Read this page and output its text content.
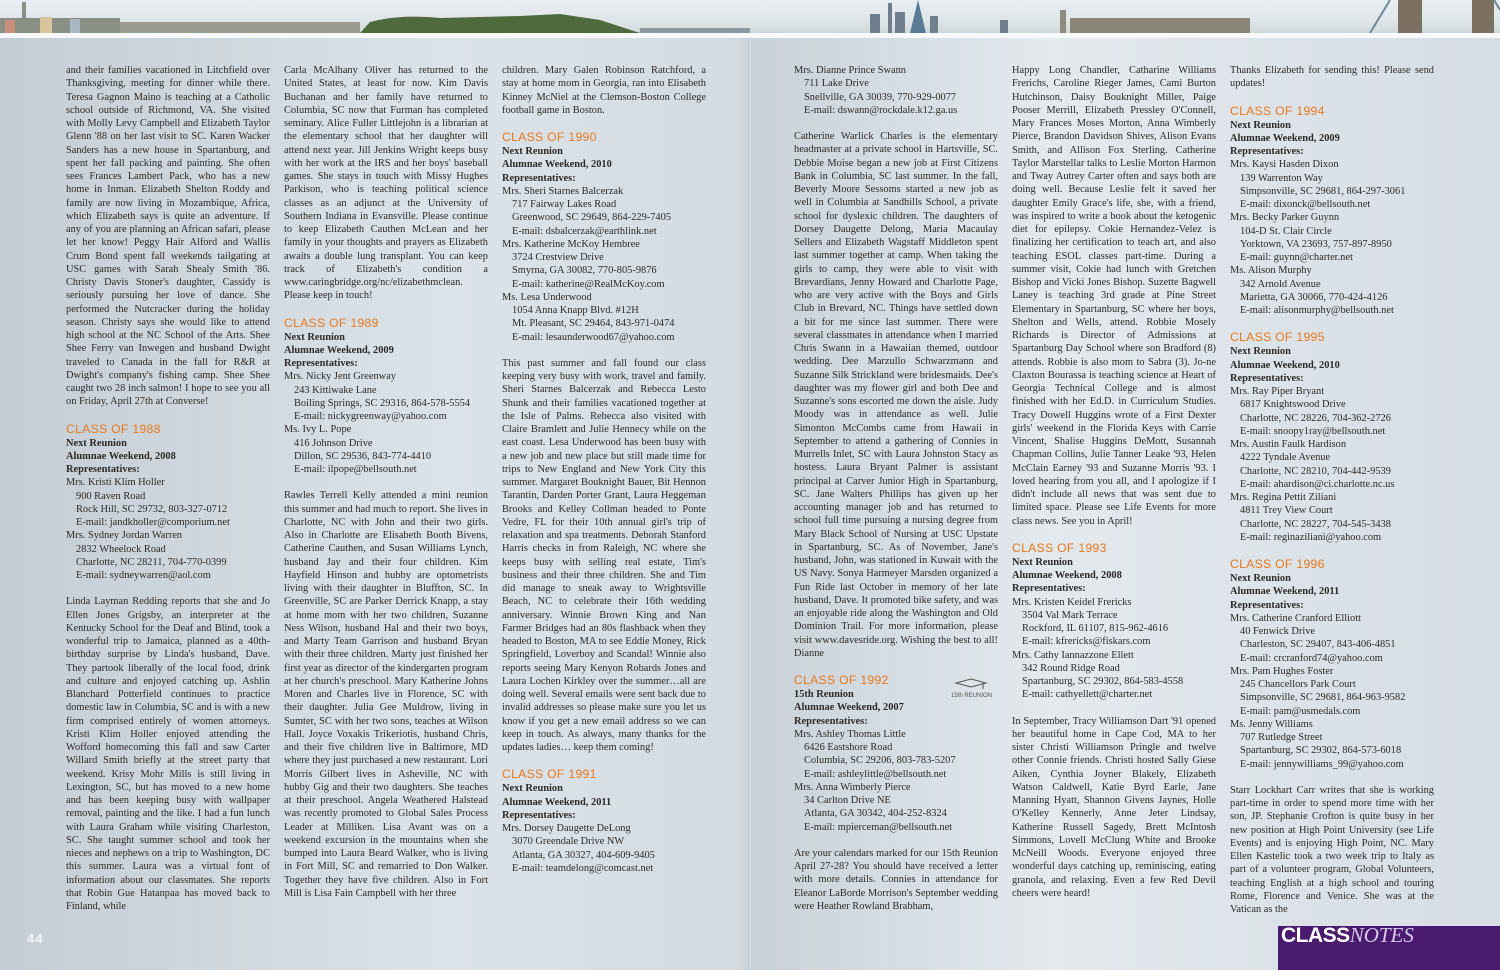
and their families vacationed in Litchfield over Thanksgiving, meeting for dinner while there. Teresa Gagnon Maino is teaching at a Catholic school outside of Richmond, VA. She visited with Molly Levy Campbell and Elizabeth Taylor Glenn '88 on her last visit to SC. Karen Wacker Sanders has a new house in Spartanburg, and spent her fall packing and painting. She often sees Frances Lambert Pack, who has a new home in Inman. Elizabeth Shelton Roddy and family are now living in Mozambique, Africa, which Elizabeth says is quite an adventure. If any of you are planning an African safari, please let her know! Peggy Hair Alford and Wallis Crum Bond spent fall weekends tailgating at USC games with Sarah Shealy Smith '86. Christy Davis Stoner's daughter, Cassidy is seriously pursuing her love of dance. She performed the Nutcracker during the holiday season. Christy says she would like to attend high school at the NC School of the Arts. Shee Shee Ferry van Inwegen and husband Dwight traveled to Canada in the fall for R&R at Dwight's company's fishing camp. Shee Shee caught two 28 inch salmon! I hope to see you all on Friday, April 27th at Converse!

CLASS OF 1988
Next Reunion
Alumnae Weekend, 2008
Representatives:
Mrs. Kristi Klim Holler
900 Raven Road
Rock Hill, SC 29732, 803-327-0712
E-mail: jandkholler@comporium.net
Mrs. Sydney Jordan Warren
2832 Wheelock Road
Charlotte, NC 28211, 704-770-0399
E-mail: sydneywarren@aol.com

Linda Layman Redding reports that she and Jo Ellen Jones Grigsby, an interpreter at the Kentucky School for the Deaf and Blind, took a wonderful trip to Jamaica, planned as a 40th-birthday surprise by Linda's husband, Dave. They partook liberally of the local food, drink and culture and enjoyed catching up. Ashlin Blanchard Potterfield continues to practice domestic law in Columbia, SC and is with a new firm comprised entirely of women attorneys. Kristi Klim Holler enjoyed attending the Wofford homecoming this fall and saw Carter Willard Smith briefly at the street party that weekend. Krisy Mohr Mills is still living in Lexington, SC, but has moved to a new home and has been keeping busy with wallpaper removal, painting and the like. I had a fun lunch with Laura Graham while visiting Charleston, SC. She taught summer school and took her nieces and nephews on a trip to Washington, DC this summer. Laura was a virtual font of information about our classmates. She reports that Robin Gue Hatanpaa has moved back to Finland, while

Carla McAlhany Oliver has returned to the United States, at least for now. Kim Davis Buchanan and her family have returned to Columbia, SC now that Furman has completed seminary. Alice Fuller Littlejohn is a librarian at the elementary school that her daughter will attend next year. Jill Jenkins Wright keeps busy with her work at the IRS and her boys' baseball games. She stays in touch with Missy Hughes Parkison, who is teaching political science classes as an adjunct at the University of Southern Indiana in Evansville. Please continue to keep Elizabeth Cauthen McLean and her family in your thoughts and prayers as Elizabeth awaits a double lung transplant. You can keep track of Elizabeth's condition a www.caringbridge.org/nc/elizabethmclean. Please keep in touch!

CLASS OF 1989
Next Reunion
Alumnae Weekend, 2009
Representatives:
Mrs. Nicky Jent Greenway
243 Kittiwake Lane
Boiling Springs, SC 29316, 864-578-5554
E-mail: nickygreenway@yahoo.com
Ms. Ivy L. Pope
416 Johnson Drive
Dillon, SC 29536, 843-774-4410
E-mail: ilpope@bellsouth.net

Rawles Terrell Kelly attended a mini reunion this summer and had much to report. She lives in Charlotte, NC with John and their two girls. Also in Charlotte are Elisabeth Booth Bivens, Catherine Cauthen, and Susan Williams Lynch, husband Jay and their four children. Kim Hayfield Hinson and hubby are optometrists living with their daughter in Bluffton, SC. In Greenville, SC are Parker Derrick Knapp, a stay at home mom with her two children, Suzanne Ness Wilson, husband Hal and their two boys, and Marty Team Garrison and husband Bryan with their three children. Marty just finished her first year as director of the kindergarten program at her church's preschool. Mary Katherine Johns Moren and Charles live in Florence, SC with their daughter. Julia Gee Muldrow, living in Sumter, SC with her two sons, teaches at Wilson Hall. Joyce Voxakis Trikeriotis, husband Chris, and their five children live in Baltimore, MD where they just purchased a new restaurant. Lori Morris Gilbert lives in Asheville, NC with hubby Gig and their two daughters. She teaches at their preschool. Angela Weathered Halstead was recently promoted to Global Sales Process Leader at Milliken. Lisa Avant was on a weekend excursion in the mountains when she bumped into Laura Beard Walker, who is living in Fort Mill, SC and remarried to Don Walker. Together they have five children. Also in Fort Mill is Lisa Fain Campbell with her three

children. Mary Galen Robinson Ratchford, a stay at home mom in Georgia, ran into Elisabeth Kinney McNiel at the Clemson-Boston College football game in Boston.

CLASS OF 1990
Next Reunion
Alumnae Weekend, 2010
Representatives:
Mrs. Sheri Starnes Balcerzak
717 Fairway Lakes Road
Greenwood, SC 29649, 864-229-7405
E-mail: dsbalcerzak@earthlink.net
Mrs. Katherine McKoy Hembree
3724 Crestview Drive
Smyrna, GA 30082, 770-805-9876
E-mail: katherine@RealMcKoy.com
Ms. Lesa Underwood
1054 Anna Knapp Blvd. #12H
Mt. Pleasant, SC 29464, 843-971-0474
E-mail: lesaunderwood67@yahoo.com

This past summer and fall found our class keeping very busy with work, travel and family. Sheri Starnes Balcerzak and Rebecca Lesto Shunk and their families vacationed together at the Isle of Palms. Rebecca also visited with Claire Bramlett and Julie Hennecy while on the east coast. Lesa Underwood has been busy with a new job and new place but still made time for trips to New England and New York City this summer. Margaret Bouknight Bauer, Bit Hennon Tarantin, Darden Porter Grant, Laura Heggeman Brooks and Kelley Collman headed to Ponte Vedre, FL for their 10th annual girl's trip of relaxation and spa treatments. Deborah Stanford Harris checks in from Raleigh, NC where she keeps busy with selling real estate, Tim's business and their three children. She and Tim did manage to sneak away to Wrightsville Beach, NC to celebrate their 16th wedding anniversary. Winnie Brown King and Nan Farmer Bridges had an 80s flashback when they headed to Boston, MA to see Eddie Money, Rick Springfield, Loverboy and Scandal! Winnie also reports seeing Mary Kenyon Robards Jones and Laura Lochen Kirkley over the summer…all are doing well. Several emails were sent back due to invalid addresses so please make sure you let us know if you get a new email address so we can keep in touch. As always, many thanks for the updates ladies… keep them coming!

CLASS OF 1991
Next Reunion
Alumnae Weekend, 2011
Representatives:
Mrs. Dorsey Daugette DeLong
3070 Greendale Drive NW
Atlanta, GA 30327, 404-609-9405
E-mail: teamdelong@comcast.net
Mrs. Dianne Prince Swann
711 Lake Drive
Snellville, GA 30039, 770-929-0077
E-mail: dswann@rockdale.k12.ga.us

Catherine Warlick Charles is the elementary headmaster at a private school in Hartsville, SC. Debbie Moise began a new job at First Citizens Bank in Columbia, SC last summer. In the fall, Beverly Moore Sessoms started a new job as well in Columbia at Sandhills School, a private school for dyslexic children. The daughters of Dorsey Daugette Delong, Maria Macaulay Sellers and Elizabeth Wagstaff Middleton spent last summer together at camp. When taking the girls to camp, they were able to visit with Brevardians, Jenny Howard and Charlotte Page, who are very active with the Boys and Girls Club in Brevard, NC. Things have settled down a bit for me since last summer. There were several classmates in attendance when I married Chris Swann in a Hawaiian themed, outdoor wedding. Dee Marzullo Schwarzmann and Suzanne Silk Strickland were bridesmaids. Dee's daughter was my flower girl and both Dee and Suzanne's sons escorted me down the aisle. Judy Moody was in attendance as well. Julie Simonton McCombs came from Hawaii in September to attend a gathering of Connies in Murrells Inlet, SC with Laura Johnston Stacy as hostess. Laura Bryant Palmer is assistant principal at Carver Junior High in Spartanburg, SC. Jane Walters Phillips has given up her accounting manager job and has returned to school full time pursuing a nursing degree from Mary Black School of Nursing at USC Upstate in Spartanburg, SC. As of November, Jane's husband, John, was stationed in Kuwait with the US Navy. Sonya Harmeyer Marsden organized a Fun Ride last October in memory of her late husband, Dave. It promoted bike safety, and was an enjoyable ride along the Washington and Old Dominion Trail. For more information, please visit www.davesride.org. Wishing the best to all! Dianne

CLASS OF 1992

15th REUNION
15th Reunion
Alumnae Weekend, 2007
Representatives:
Mrs. Ashley Thomas Little
6426 Eastshore Road
Columbia, SC 29206, 803-783-5207
E-mail: ashleylittle@bellsouth.net
Mrs. Anna Wimberly Pierce
34 Carlton Drive NE
Atlanta, GA 30342, 404-252-8324
E-mail: mpierceman@bellsouth.net

Are your calendars marked for our 15th Reunion April 27-28? You should have received a letter with more details. Connies in attendance for Eleanor LaBorde Morrison's September wedding were Heather Rowland Brabham,

Happy Long Chandler, Catharine Williams Frerichs, Caroline Rieger James, Cami Burton Hutchinson, Daisy Bouknight Miller, Paige Pooser Merrill, Elizabeth Pressley O'Connell, Mary Frances Moses Morton, Anna Wimberly Pierce, Brandon Davidson Shives, Alison Evans Smith, and Allison Fox Sterling. Catherine Taylor Marstellar talks to Leslie Morton Harmon and Tway Autrey Carter often and says both are doing well. Because Leslie felt it saved her daughter Emily Grace's life, she, with a friend, was inspired to write a book about the ketogenic diet for epilepsy. Cokie Hernandez-Velez is finalizing her certification to teach art, and also teaching ESOL classes part-time. During a summer visit, Cokie had lunch with Gretchen Bishop and Vicki Jones Bishop. Suzette Bagwell Laney is teaching 3rd grade at Pine Street Elementary in Spartanburg, SC where her boys, Shelton and Wells, attend. Robbie Mosely Richards is Director of Admissions at Spartanburg Day School where son Bradford (8) attends. Robbie is also mom to Sabra (3). Jo-ne Claxton Bourassa is teaching science at Heart of Georgia Technical College and is almost finished with her Ed.D. in Curriculum Studies. Tracy Dowell Huggins wrote of a First Dexter girls' weekend in the Florida Keys with Carrie Vincent, Shalise Huggins DeMott, Susannah Chapman Collins, Julie Tanner Leake '93, Helen McClain Earney '93 and Suzanne Morris '93. I loved hearing from you all, and I apologize if I didn't include all news that was sent due to limited space. Please see Life Events for more class news. See you in April!

CLASS OF 1993
Next Reunion
Alumnae Weekend, 2008
Representatives:
Mrs. Kristen Keidel Frericks
3504 Val Mark Terrace
Rockford, IL 61107, 815-962-4616
E-mail: kfrericks@fiskars.com
Mrs. Cathy Iannazzone Ellett
342 Round Ridge Road
Spartanburg, SC 29302, 864-583-4558
E-mail: cathyellett@charter.net

In September, Tracy Williamson Dart '91 opened her beautiful home in Cape Cod, MA to her sister Christi Williamson Pringle and twelve other Connie friends. Christi hosted Sally Giese Aiken, Cynthia Joyner Blakely, Elizabeth Watson Caldwell, Katie Byrd Earle, Jane Manning Hyatt, Shannon Givens Jaynes, Holle O'Kelley Kennerly, Anne Jeter Lindsay, Katherine Russell Sagedy, Brett McIntosh Simmons, Lovell McClung White and Brooke McNeill Woods. Everyone enjoyed three wonderful days catching up, reminiscing, eating granola, and relaxing. Even a few Red Devil cheers were heard!

Thanks Elizabeth for sending this! Please send updates!

CLASS OF 1994
Next Reunion
Alumnae Weekend, 2009
Representatives:
Mrs. Kaysi Hasden Dixon
139 Warrenton Way
Simpsonville, SC 29681, 864-297-3061
E-mail: dixonck@bellsouth.net
Mrs. Becky Parker Guynn
104-D St. Clair Circle
Yorktown, VA 23693, 757-897-8950
E-mail: guynn@charter.net
Ms. Alison Murphy
342 Arnold Avenue
Marietta, GA 30066, 770-424-4126
E-mail: alisonmurphy@bellsouth.net
CLASS OF 1995
Next Reunion
Alumnae Weekend, 2010
Representatives:
Mrs. Ray Piper Bryant
6817 Knightswood Drive
Charlotte, NC 28226, 704-362-2726
E-mail: snoopy1ray@bellsouth.net
Mrs. Austin Faulk Hardison
4222 Tyndale Avenue
Charlotte, NC 28210, 704-442-9539
E-mail: ahardison@ci.charlotte.nc.us
Mrs. Regina Pettit Ziliani
4811 Trey View Court
Charlotte, NC 28227, 704-545-3438
E-mail: reginaziliani@yahoo.com
CLASS OF 1996
Next Reunion
Alumnae Weekend, 2011
Representatives:
Mrs. Catherine Cranford Elliott
40 Fenwick Drive
Charleston, SC 29407, 843-406-4851
E-mail: crcranford74@yahoo.com
Mrs. Pam Hughes Foster
245 Chancellors Park Court
Simpsonville, SC 29681, 864-963-9582
E-mail: pam@usmedals.com
Ms. Jenny Williams
707 Rutledge Street
Spartanburg, SC 29302, 864-573-6018
E-mail: jennywilliams_99@yahoo.com

Starr Lockhart Carr writes that she is working part-time in order to spend more time with her son, JP. Stephanie Crofton is quite busy in her new position at High Point University (see Life Events) and is enjoying High Point, NC. Mary Ellen Kastelic took a two week trip to Italy as part of a volunteer program, Global Volunteers, teaching English at a high school and touring Rome, Florence and Venice. She was at the Vatican as the

44	CLASSNOTES
